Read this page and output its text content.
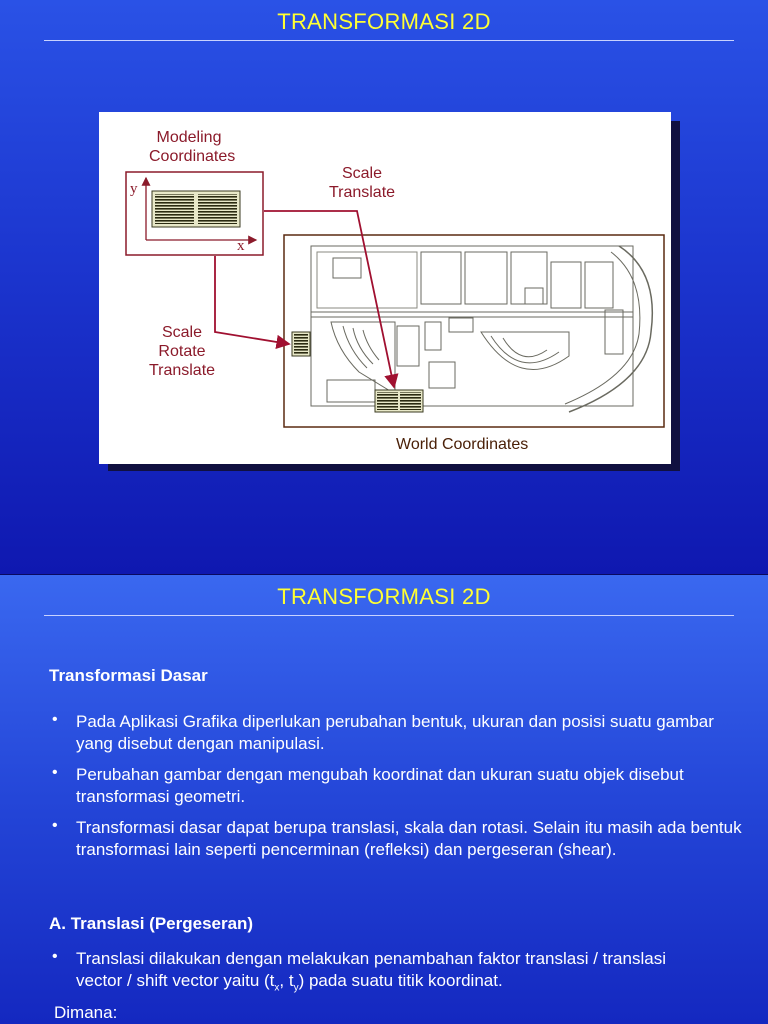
TRANSFORMASI 2D
Modeling
Coordinates
y
x
Scale
Translate
Scale
Rotate
Translate
World Coordinates
TRANSFORMASI 2D
Transformasi Dasar
• Pada Aplikasi Grafika diperlukan perubahan bentuk, ukuran dan posisi suatu gambar yang disebut dengan manipulasi.
• Perubahan gambar dengan mengubah koordinat dan ukuran suatu objek disebut transformasi geometri.
• Transformasi dasar dapat berupa translasi, skala dan rotasi. Selain itu masih ada bentuk transformasi lain seperti pencerminan (refleksi) dan pergeseran (shear).
A. Translasi (Pergeseran)
• Translasi dilakukan dengan melakukan penambahan faktor translasi / translasi vector / shift vector yaitu ($t_x$, $t_y$) pada suatu titik koordinat.
Dimana:
